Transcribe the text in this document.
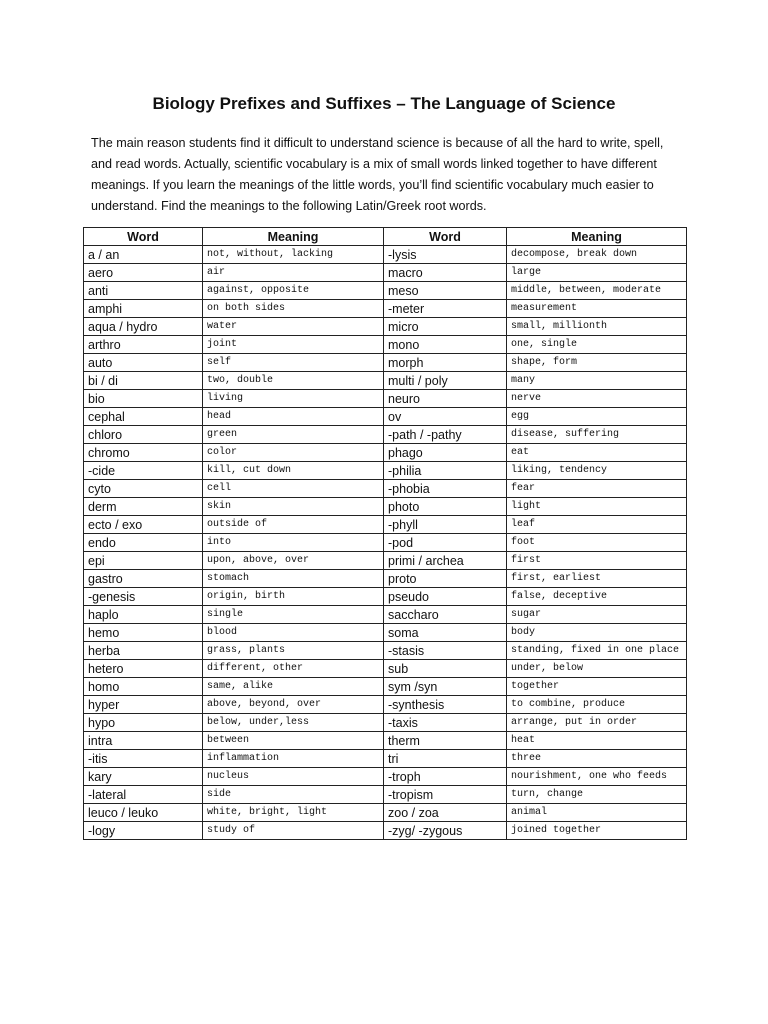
Biology Prefixes and Suffixes – The Language of Science
The main reason students find it difficult to understand science is because of all the hard to write, spell, and read words. Actually, scientific vocabulary is a mix of small words linked together to have different meanings. If you learn the meanings of the little words, you’ll find scientific vocabulary much easier to understand. Find the meanings to the following Latin/Greek root words.
Word	Meaning	Word	Meaning
a / an	not, without, lacking	-lysis	decompose, break down
aero	air	macro	large
anti	against, opposite	meso	middle, between, moderate
amphi	on both sides	-meter	measurement
aqua / hydro	water	micro	small, millionth
arthro	joint	mono	one, single
auto	self	morph	shape, form
bi / di	two, double	multi / poly	many
bio	living	neuro	nerve
cephal	head	ov	egg
chloro	green	-path / -pathy	disease, suffering
chromo	color	phago	eat
-cide	kill, cut down	-philia	liking, tendency
cyto	cell	-phobia	fear
derm	skin	photo	light
ecto / exo	outside of	-phyll	leaf
endo	into	-pod	foot
epi	upon, above, over	primi / archea	first
gastro	stomach	proto	first, earliest
-genesis	origin, birth	pseudo	false, deceptive
haplo	single	saccharo	sugar
hemo	blood	soma	body
herba	grass, plants	-stasis	standing, fixed in one place
hetero	different, other	sub	under, below
homo	same, alike	sym /syn	together
hyper	above, beyond, over	-synthesis	to combine, produce
hypo	below, under,less	-taxis	arrange, put in order
intra	between	therm	heat
-itis	inflammation	tri	three
kary	nucleus	-troph	nourishment, one who feeds
-lateral	side	-tropism	turn, change
leuco / leuko	white, bright, light	zoo / zoa	animal
-logy	study of	-zyg/ -zygous	joined together
